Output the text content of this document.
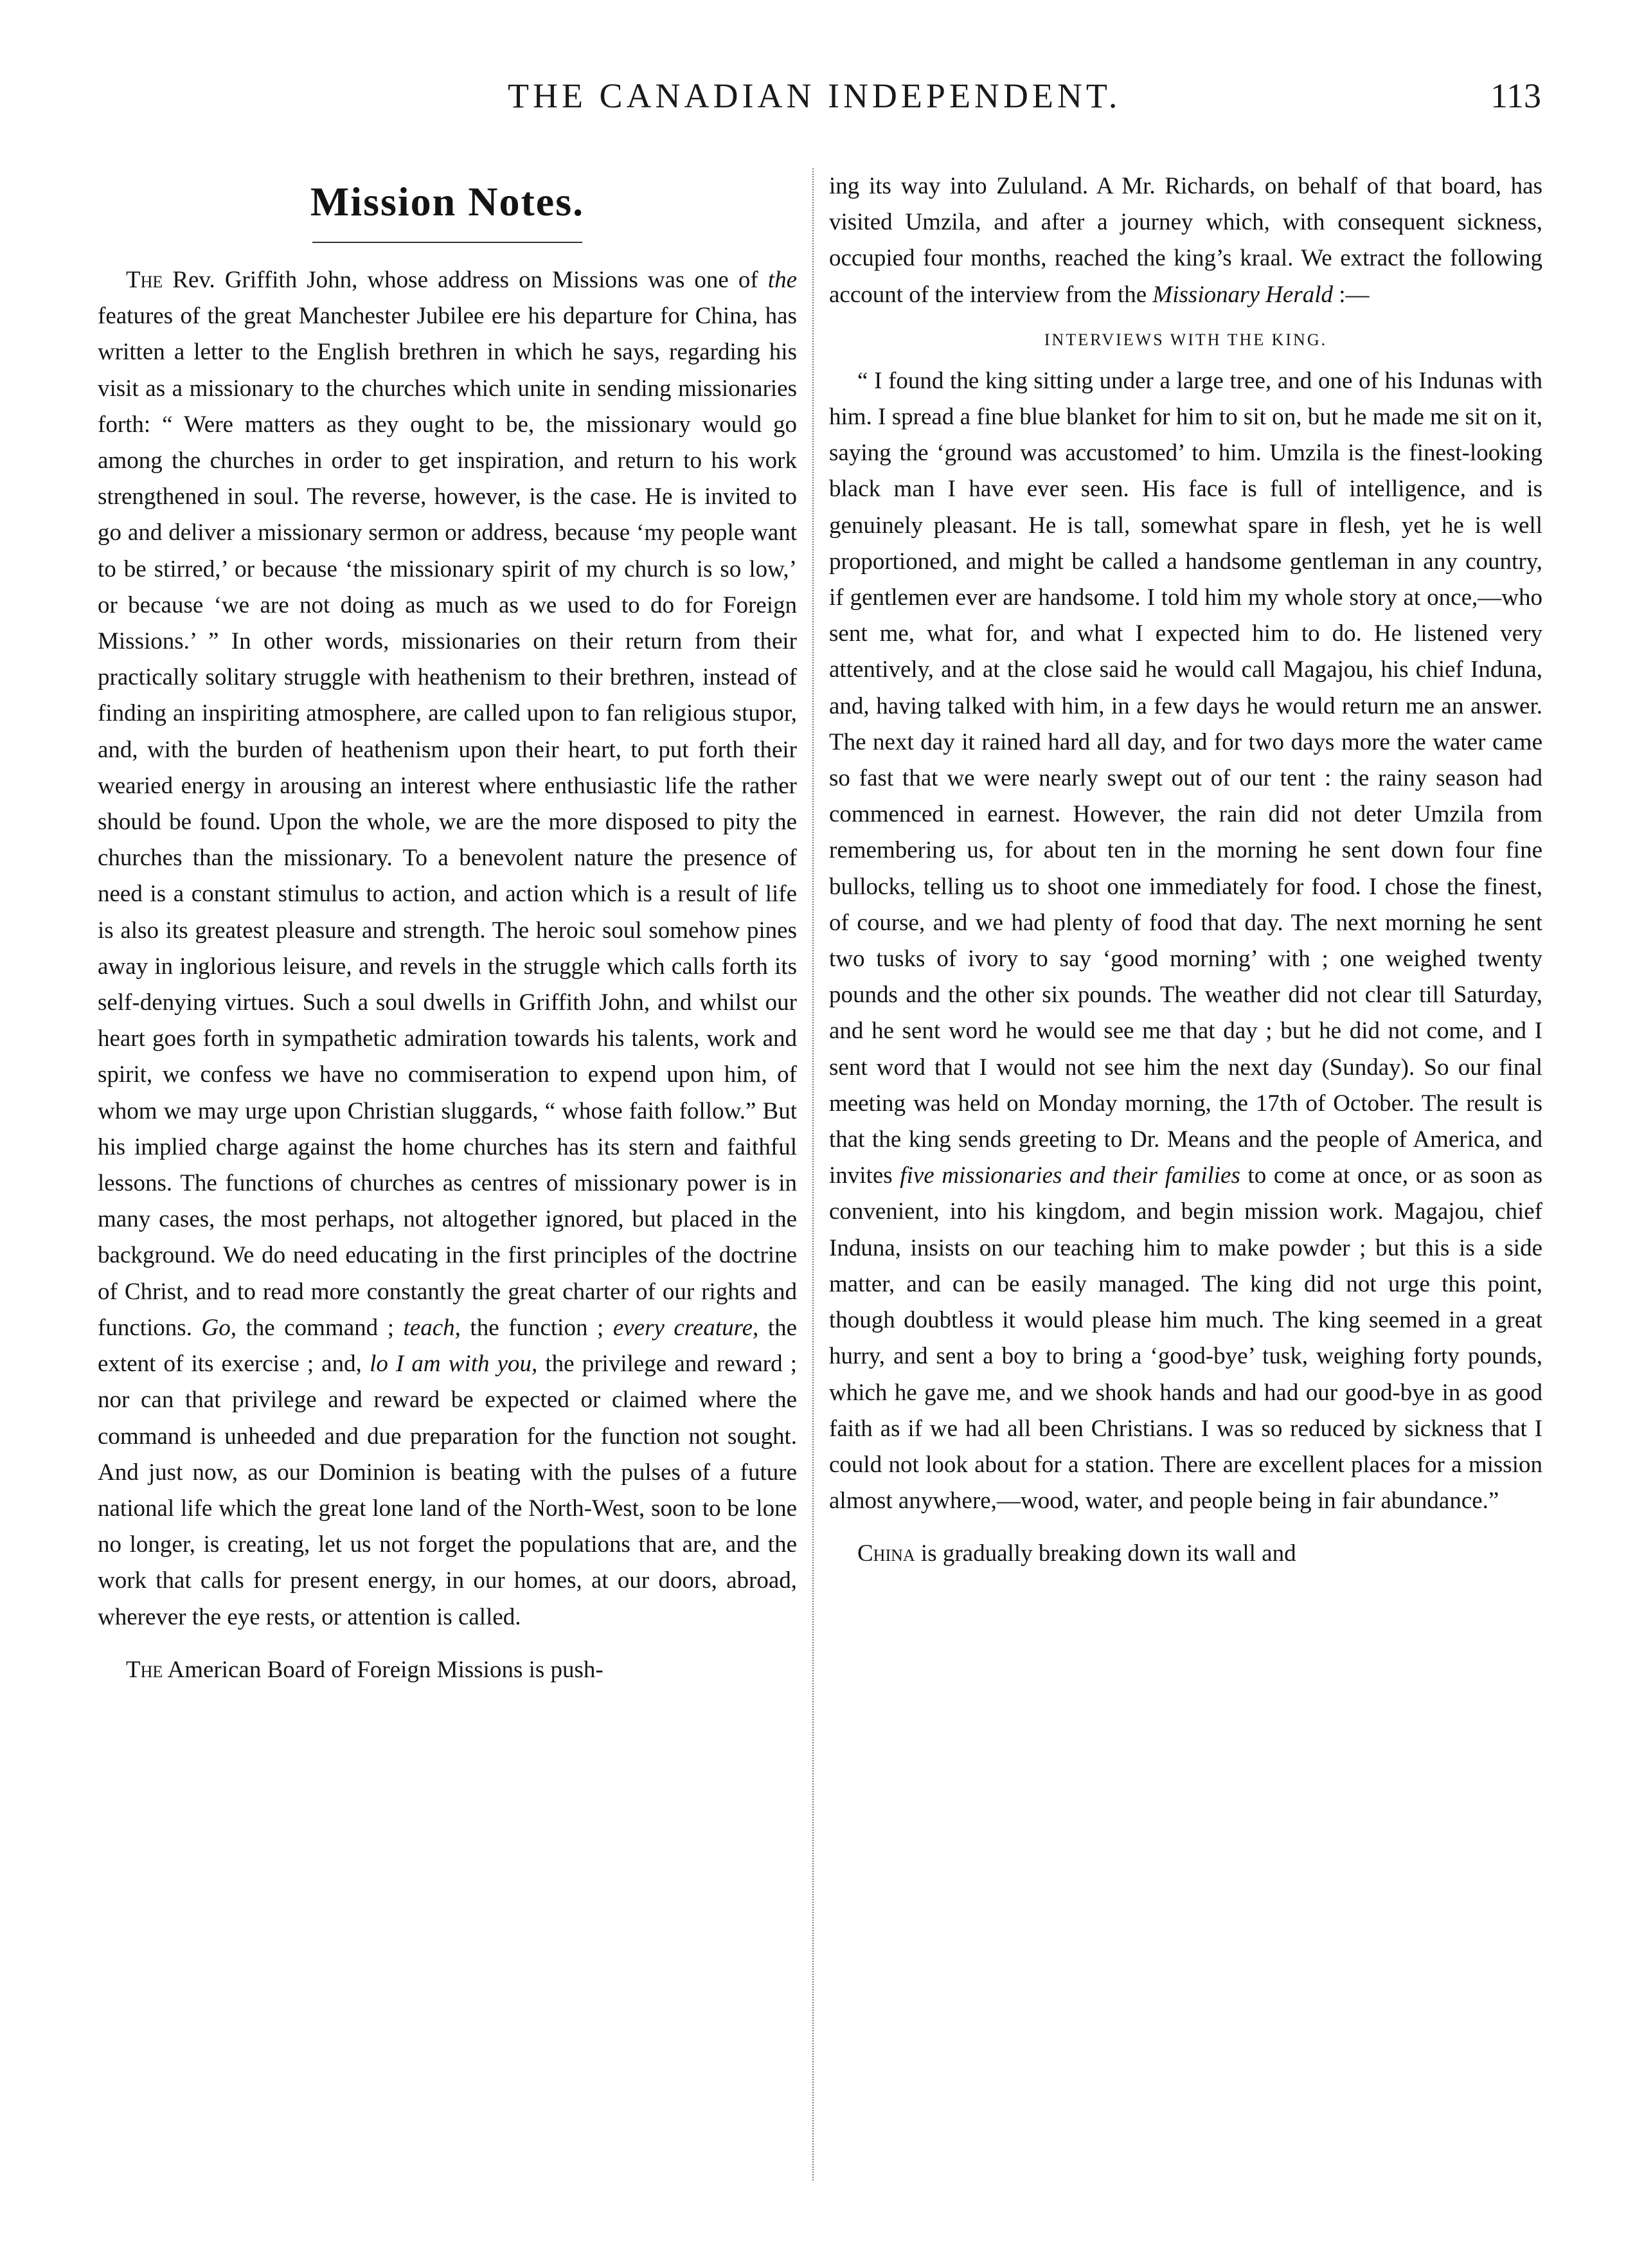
THE CANADIAN INDEPENDENT.	113
Mission Notes.

The Rev. Griffith John, whose address on Missions was one of the features of the great Manchester Jubilee ere his departure for China, has written a letter to the English brethren in which he says, regarding his visit as a missionary to the churches which unite in sending missionaries forth: “ Were matters as they ought to be, the missionary would go among the churches in order to get inspiration, and return to his work strengthened in soul. The reverse, however, is the case. He is invited to go and deliver a missionary sermon or address, because ‘my people want to be stirred,’ or because ‘the missionary spirit of my church is so low,’ or because ‘we are not doing as much as we used to do for Foreign Missions.’ ” In other words, missionaries on their return from their practically solitary struggle with heathenism to their brethren, instead of finding an inspiriting atmosphere, are called upon to fan religious stupor, and, with the burden of heathenism upon their heart, to put forth their wearied energy in arousing an interest where enthusiastic life the rather should be found. Upon the whole, we are the more disposed to pity the churches than the missionary. To a benevolent nature the presence of need is a constant stimulus to action, and action which is a result of life is also its greatest pleasure and strength. The heroic soul somehow pines away in inglorious leisure, and revels in the struggle which calls forth its self-denying virtues. Such a soul dwells in Griffith John, and whilst our heart goes forth in sympathetic admiration towards his talents, work and spirit, we confess we have no commiseration to expend upon him, of whom we may urge upon Christian sluggards, “ whose faith follow.” But his implied charge against the home churches has its stern and faithful lessons. The functions of churches as centres of missionary power is in many cases, the most perhaps, not altogether ignored, but placed in the background. We do need educating in the first principles of the doctrine of Christ, and to read more constantly the great charter of our rights and functions. Go, the command ; teach, the function ; every creature, the extent of its exercise ; and, lo I am with you, the privilege and reward ; nor can that privilege and reward be expected or claimed where the command is unheeded and due preparation for the function not sought. And just now, as our Dominion is beating with the pulses of a future national life which the great lone land of the North-West, soon to be lone no longer, is creating, let us not forget the populations that are, and the work that calls for present energy, in our homes, at our doors, abroad, wherever the eye rests, or attention is called.

The American Board of Foreign Missions is push-

ing its way into Zululand. A Mr. Richards, on behalf of that board, has visited Umzila, and after a journey which, with consequent sickness, occupied four months, reached the king’s kraal. We extract the following account of the interview from the Missionary Herald :—

INTERVIEWS WITH THE KING.

“ I found the king sitting under a large tree, and one of his Indunas with him. I spread a fine blue blanket for him to sit on, but he made me sit on it, saying the ‘ground was accustomed’ to him. Umzila is the finest-looking black man I have ever seen. His face is full of intelligence, and is genuinely pleasant. He is tall, somewhat spare in flesh, yet he is well proportioned, and might be called a handsome gentleman in any country, if gentlemen ever are handsome. I told him my whole story at once,—who sent me, what for, and what I expected him to do. He listened very attentively, and at the close said he would call Magajou, his chief Induna, and, having talked with him, in a few days he would return me an answer. The next day it rained hard all day, and for two days more the water came so fast that we were nearly swept out of our tent : the rainy season had commenced in earnest. However, the rain did not deter Umzila from remembering us, for about ten in the morning he sent down four fine bullocks, telling us to shoot one immediately for food. I chose the finest, of course, and we had plenty of food that day. The next morning he sent two tusks of ivory to say ‘good morning’ with ; one weighed twenty pounds and the other six pounds. The weather did not clear till Saturday, and he sent word he would see me that day ; but he did not come, and I sent word that I would not see him the next day (Sunday). So our final meeting was held on Monday morning, the 17th of October. The result is that the king sends greeting to Dr. Means and the people of America, and invites five missionaries and their families to come at once, or as soon as convenient, into his kingdom, and begin mission work. Magajou, chief Induna, insists on our teaching him to make powder ; but this is a side matter, and can be easily managed. The king did not urge this point, though doubtless it would please him much. The king seemed in a great hurry, and sent a boy to bring a ‘good-bye’ tusk, weighing forty pounds, which he gave me, and we shook hands and had our good-bye in as good faith as if we had all been Christians. I was so reduced by sickness that I could not look about for a station. There are excellent places for a mission almost anywhere,—wood, water, and people being in fair abundance.”

China is gradually breaking down its wall and
